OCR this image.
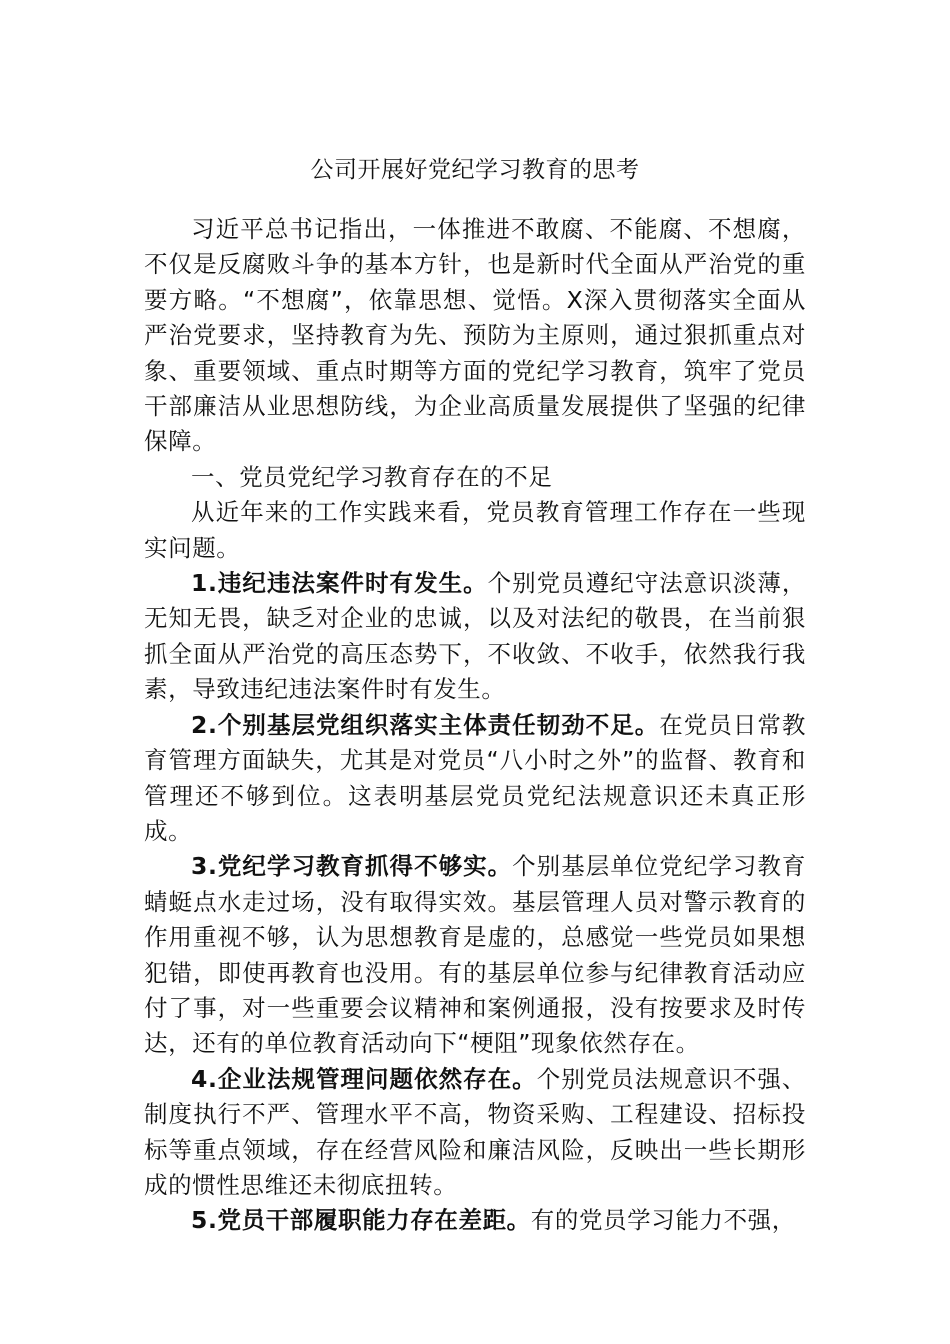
公司开展好党纪学习教育的思考

习近平总书记指出，一体推进不敢腐、不能腐、不想腐，不仅是反腐败斗争的基本方针，也是新时代全面从严治党的重要方略。“不想腐”，依靠思想、觉悟。X深入贯彻落实全面从严治党要求，坚持教育为先、预防为主原则，通过狠抓重点对象、重要领域、重点时期等方面的党纪学习教育，筑牢了党员干部廉洁从业思想防线，为企业高质量发展提供了坚强的纪律保障。

一、党员党纪学习教育存在的不足

从近年来的工作实践来看，党员教育管理工作存在一些现实问题。

1.违纪违法案件时有发生。个别党员遵纪守法意识淡薄，无知无畏，缺乏对企业的忠诚，以及对法纪的敬畏，在当前狠抓全面从严治党的高压态势下，不收敛、不收手，依然我行我素，导致违纪违法案件时有发生。

2.个别基层党组织落实主体责任韧劲不足。在党员日常教育管理方面缺失，尤其是对党员“八小时之外”的监督、教育和管理还不够到位。这表明基层党员党纪法规意识还未真正形成。

3.党纪学习教育抓得不够实。个别基层单位党纪学习教育蜻蜓点水走过场，没有取得实效。基层管理人员对警示教育的作用重视不够，认为思想教育是虚的，总感觉一些党员如果想犯错，即使再教育也没用。有的基层单位参与纪律教育活动应付了事，对一些重要会议精神和案例通报，没有按要求及时传达，还有的单位教育活动向下“梗阻”现象依然存在。

4.企业法规管理问题依然存在。个别党员法规意识不强、制度执行不严、管理水平不高，物资采购、工程建设、招标投标等重点领域，存在经营风险和廉洁风险，反映出一些长期形成的惯性思维还未彻底扭转。

5.党员干部履职能力存在差距。有的党员学习能力不强，
